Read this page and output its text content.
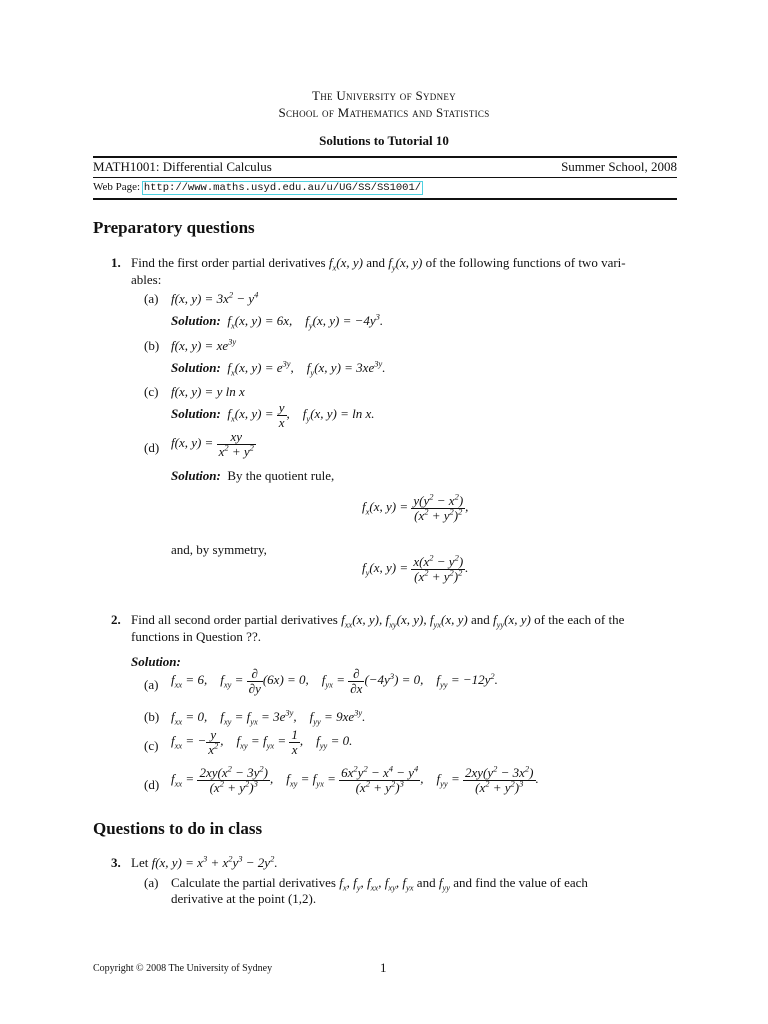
The University of Sydney
School of Mathematics and Statistics
Solutions to Tutorial 10
MATH1001: Differential Calculus	Summer School, 2008
Web Page: http://www.maths.usyd.edu.au/u/UG/SS/SS1001/
Preparatory questions
1. Find the first order partial derivatives $f_x(x$, y) and $f_y(x$, y) of the following functions of two vari-
ables:
(a) f(x, $y) = 3x^2 - y^4$
Solution: $f_x(x$, y) = 6x,    $f_y(x$, $y) = -4y^3$.
(b) f(x, $y) = xe^{3y}$
Solution: $f_x(x$, $y) = e^{3y}$,    $f_y(x$, $y) = 3xe^{3y}$.
(c) f(x, y) = y ln x
Solution: $f_x(x$, $y) = \frac{y}{x}$ ,    $f_y(x$, y) = ln x.
(d) f(x, $y) = \frac{xy}{x^2 + y^2}$
Solution: By the quotient rule,
$f_x(x$, $y) = \frac{y(y^2 - x^2)}{(x^2 + y^2)^2}$ ,
and, by symmetry,
$f_y(x$, $y) = \frac{x(x^2 - y^2)}{(x^2 + y^2)^2}$ .
2. Find all second order partial derivatives $f_{xx}(x$, y), $f_{xy}(x$, y), $f_{yx}(x$, y) and $f_{yy}(x$, y) of the each of the
functions in Question ??.
Solution:
(a) $f_{xx} = 6$,    $f_{xy} = \frac{\partial}{\partial y} (6x) = 0$,    $f_{yx} = \frac{\partial}{\partial x} (-4y^3) = 0$,    $f_{yy} = -12y^2$.
(b) $f_{xx} = 0$,    $f_{xy} = f_{yx} = 3e^{3y}$,    $f_{yy} = 9xe^{3y}$.
(c) $f_{xx}$ = − $\frac{y}{x^2}$ ,    $f_{xy} = f_{yx} = \frac{1}{x}$ ,    $f_{yy} = 0$.
(d) $f_{xx} = \frac{2xy(x^2 - 3y^2)}{(x^2 + y^2)^3}$ ,    $f_{xy} = f_{yx} = \frac{6x^2y^2 - x^4 - y^4}{(x^2 + y^2)^3}$ ,    $f_{yy} = \frac{2xy(y^2 - 3x^2)}{(x^2 + y^2)^3}$ .
Questions to do in class
3. Let f(x, $y) = x^3 + x^2y^3 - 2y^2$.
(a) Calculate the partial derivatives $f_x$, $f_y$, $f_{xx}$, $f_{xy}$, $f_{yx}$ and $f_{yy}$ and find the value of each
derivative at the point (1,2).
Copyright © 2008 The University of Sydney	1
